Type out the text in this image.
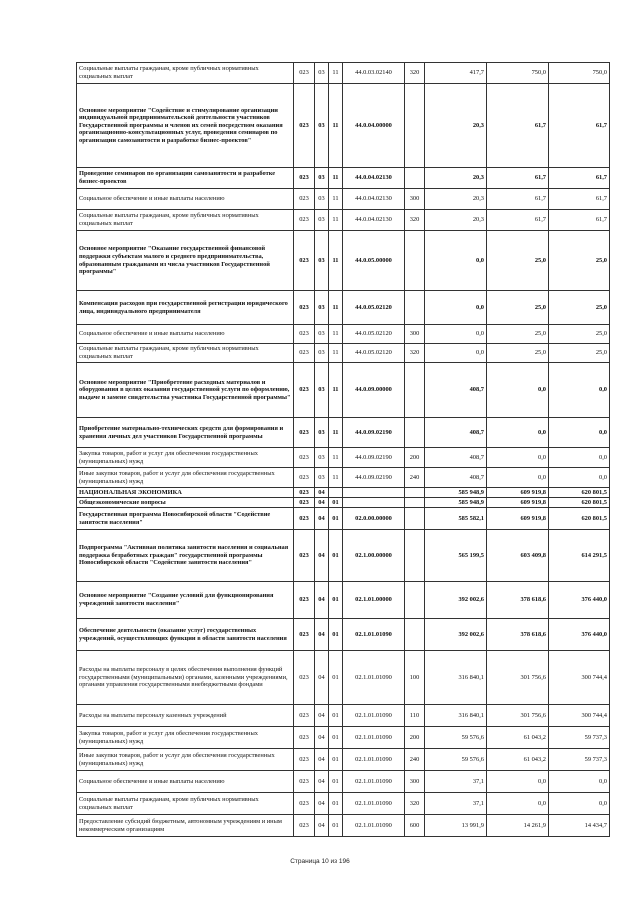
Социальные выплаты гражданам, кроме публичных нормативных социальных выплат	023	03	11	44.0.03.02140	320	417,7	750,0	750,0
Основное мероприятие "Содействие и стимулирование организации индивидуальной предпринимательской деятельности участников Государственной программы и членов их семей посредством оказания организационно-консультационных услуг, проведения семинаров по организации самозанятости и разработке бизнес-проектов"	023	03	11	44.0.04.00000		20,3	61,7	61,7
Проведение семинаров по организации самозанятости и разработке бизнес-проектов	023	03	11	44.0.04.02130		20,3	61,7	61,7
Социальное обеспечение и иные выплаты населению	023	03	11	44.0.04.02130	300	20,3	61,7	61,7
Социальные выплаты гражданам, кроме публичных нормативных социальных выплат	023	03	11	44.0.04.02130	320	20,3	61,7	61,7
Основное мероприятие "Оказание государственной финансовой поддержки субъектам малого и среднего предпринимательства, образованным гражданами из числа участников Государственной программы"	023	03	11	44.0.05.00000		0,0	25,0	25,0
Компенсация расходов при государственной регистрации юридического лица, индивидуального предпринимателя	023	03	11	44.0.05.02120		0,0	25,0	25,0
Социальное обеспечение и иные выплаты населению	023	03	11	44.0.05.02120	300	0,0	25,0	25,0
Социальные выплаты гражданам, кроме публичных нормативных социальных выплат	023	03	11	44.0.05.02120	320	0,0	25,0	25,0
Основное мероприятие "Приобретение расходных материалов и оборудования в целях оказания государственной услуги по оформлению, выдаче и замене свидетельства участника Государственной программы"	023	03	11	44.0.09.00000		408,7	0,0	0,0
Приобретение материально-технических средств для формирования и хранения личных дел участников Государственной программы	023	03	11	44.0.09.02190		408,7	0,0	0,0
Закупка товаров, работ и услуг для обеспечения государственных (муниципальных) нужд	023	03	11	44.0.09.02190	200	408,7	0,0	0,0
Иные закупки товаров, работ и услуг для обеспечения государственных (муниципальных) нужд	023	03	11	44.0.09.02190	240	408,7	0,0	0,0
НАЦИОНАЛЬНАЯ ЭКОНОМИКА	023	04				585 948,9	609 919,8	620 801,5
Общеэкономические вопросы	023	04	01			585 948,9	609 919,8	620 801,5
Государственная программа Новосибирской области "Содействие занятости населения"	023	04	01	02.0.00.00000		585 582,1	609 919,8	620 801,5
Подпрограмма "Активная политика занятости населения и социальная поддержка безработных граждан" государственной программы Новосибирской области "Содействие занятости населения"	023	04	01	02.1.00.00000		565 199,5	603 409,8	614 291,5
Основное мероприятие "Создание условий для функционирования учреждений занятости населения"	023	04	01	02.1.01.00000		392 002,6	378 618,6	376 440,0
Обеспечение деятельности (оказание услуг) государственных учреждений, осуществляющих функции в области занятости населения	023	04	01	02.1.01.01090		392 002,6	378 618,6	376 440,0
Расходы на выплаты персоналу в целях обеспечения выполнения функций государственными (муниципальными) органами, казенными учреждениями, органами управления государственными внебюджетными фондами	023	04	01	02.1.01.01090	100	316 840,1	301 756,6	300 744,4
Расходы на выплаты персоналу казенных учреждений	023	04	01	02.1.01.01090	110	316 840,1	301 756,6	300 744,4
Закупка товаров, работ и услуг для обеспечения государственных (муниципальных) нужд	023	04	01	02.1.01.01090	200	59 576,6	61 043,2	59 737,3
Иные закупки товаров, работ и услуг для обеспечения государственных (муниципальных) нужд	023	04	01	02.1.01.01090	240	59 576,6	61 043,2	59 737,3
Социальное обеспечение и иные выплаты населению	023	04	01	02.1.01.01090	300	37,1	0,0	0,0
Социальные выплаты гражданам, кроме публичных нормативных социальных выплат	023	04	01	02.1.01.01090	320	37,1	0,0	0,0
Предоставление субсидий бюджетным, автономным учреждениям и иным некоммерческим организациям	023	04	01	02.1.01.01090	600	13 991,9	14 261,9	14 434,7
Страница 10 из 196
